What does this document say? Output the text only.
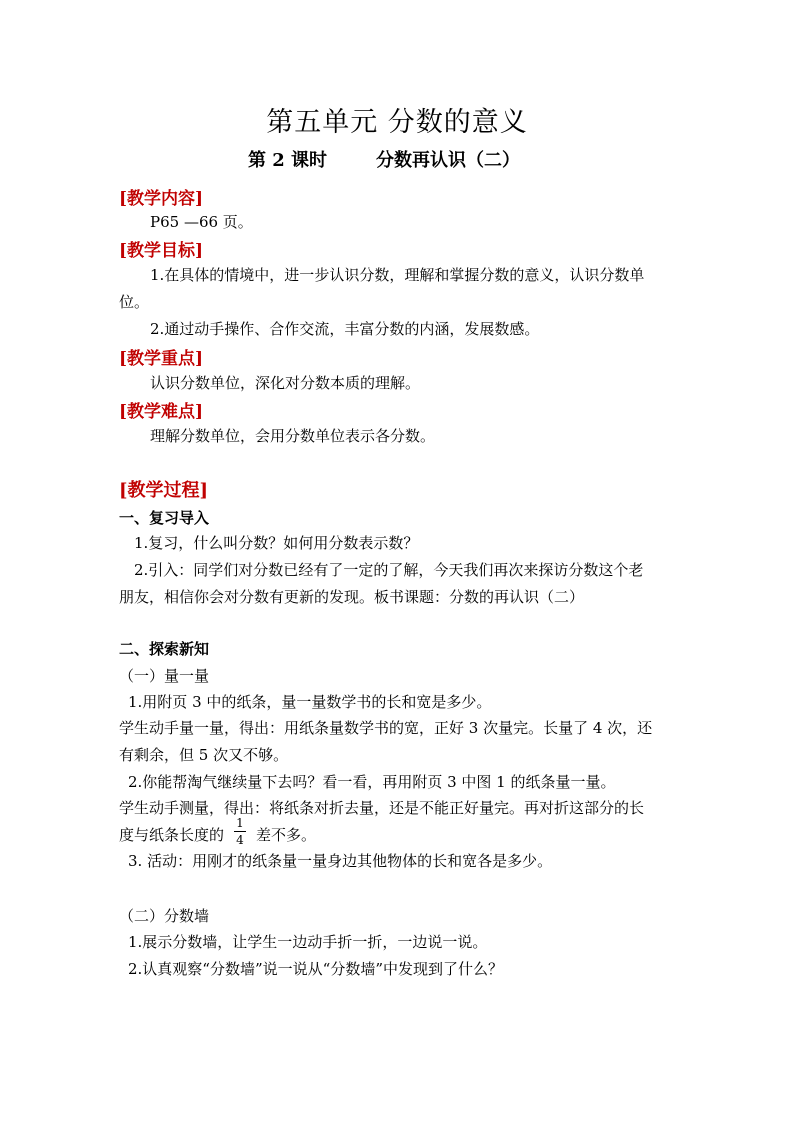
第五单元 分数的意义
第 2 课时	分数再认识（二）
[教学内容]
P65 —66 页。
[教学目标]
1.在具体的情境中，进一步认识分数，理解和掌握分数的意义，认识分数单
位。
2.通过动手操作、合作交流，丰富分数的内涵，发展数感。
[教学重点]
认识分数单位，深化对分数本质的理解。
[教学难点]
理解分数单位，会用分数单位表示各分数。
[教学过程]
一、复习导入
1.复习，什么叫分数？如何用分数表示数？
2.引入：同学们对分数已经有了一定的了解，今天我们再次来探访分数这个老
朋友，相信你会对分数有更新的发现。板书课题：分数的再认识（二）
二、探索新知
（一）量一量
1.用附页 3 中的纸条，量一量数学书的长和宽是多少。
学生动手量一量，得出：用纸条量数学书的宽，正好 3 次量完。长量了 4 次，还
有剩余，但 5 次又不够。
2.你能帮淘气继续量下去吗？看一看，再用附页 3 中图 1 的纸条量一量。
学生动手测量，得出：将纸条对折去量，还是不能正好量完。再对折这部分的长
度与纸条长度的
1
4 差不多。
3. 活动：用刚才的纸条量一量身边其他物体的长和宽各是多少。
（二）分数墙
1.展示分数墙，让学生一边动手折一折，一边说一说。
2.认真观察“分数墙”说一说从“分数墙”中发现到了什么？
